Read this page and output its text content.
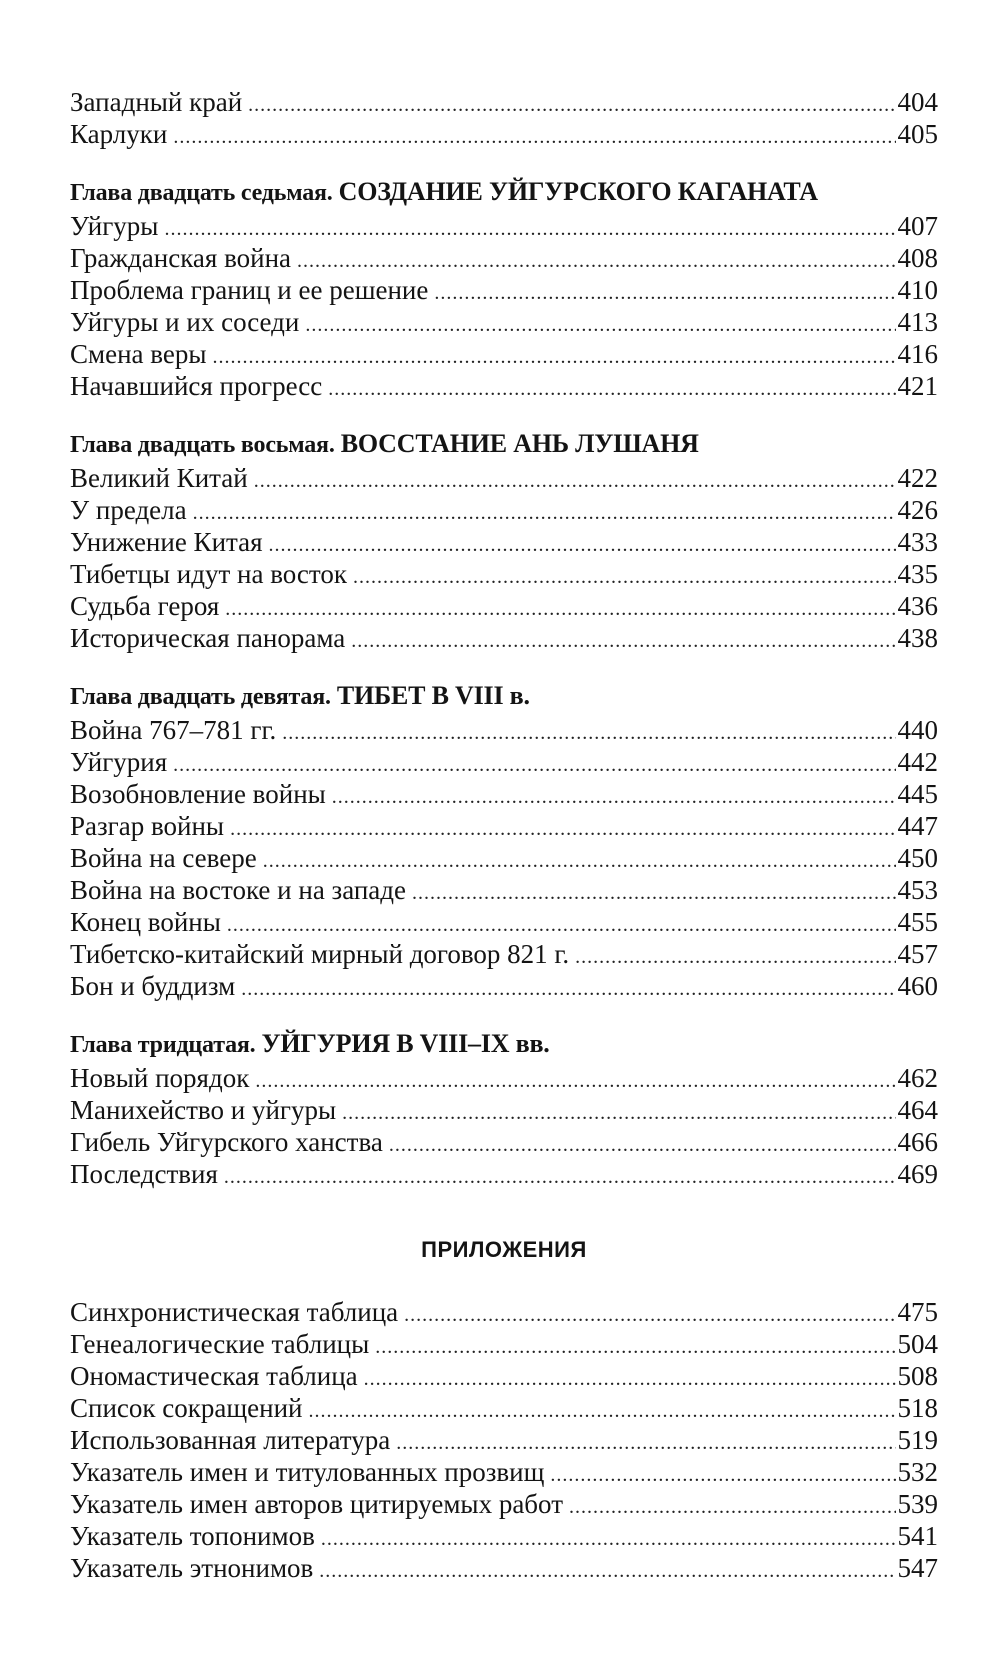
Западный край .....	404
Карлуки .....	405
Глава двадцать седьмая. СОЗДАНИЕ УЙГУРСКОГО КАГАНАТА
Уйгуры .....	407
Гражданская война .....	408
Проблема границ и ее решение .....	410
Уйгуры и их соседи .....	413
Смена веры .....	416
Начавшийся прогресс .....	421
Глава двадцать восьмая. ВОССТАНИЕ АНЬ ЛУШАНЯ
Великий Китай .....	422
У предела .....	426
Унижение Китая .....	433
Тибетцы идут на восток .....	435
Судьба героя .....	436
Историческая панорама .....	438
Глава двадцать девятая. ТИБЕТ В VIII в.
Война 767–781 гг. .....	440
Уйгурия .....	442
Возобновление войны .....	445
Разгар войны .....	447
Война на севере .....	450
Война на востоке и на западе .....	453
Конец войны .....	455
Тибетско-китайский мирный договор 821 г. .....	457
Бон и буддизм .....	460
Глава тридцатая. УЙГУРИЯ В VIII–IX вв.
Новый порядок .....	462
Манихейство и уйгуры .....	464
Гибель Уйгурского ханства .....	466
Последствия .....	469
ПРИЛОЖЕНИЯ
Синхронистическая таблица .....	475
Генеалогические таблицы .....	504
Ономастическая таблица .....	508
Список сокращений .....	518
Использованная литература .....	519
Указатель имен и титулованных прозвищ .....	532
Указатель имен авторов цитируемых работ .....	539
Указатель топонимов .....	541
Указатель этнонимов .....	547
